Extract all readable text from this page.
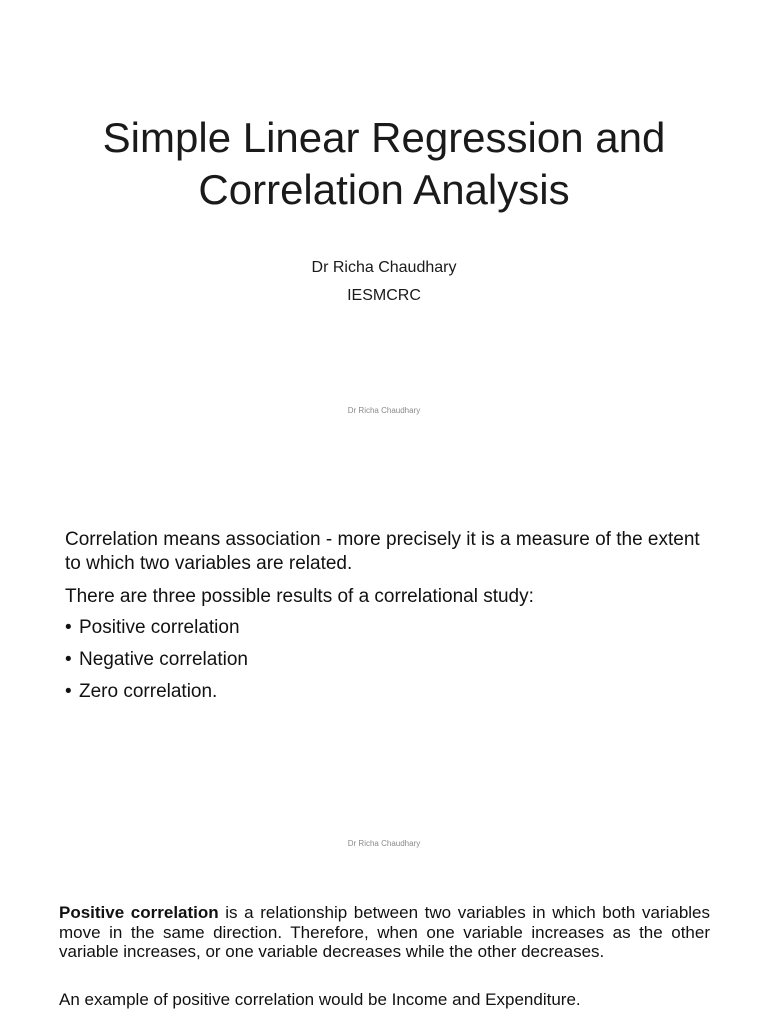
Simple Linear Regression and
Correlation Analysis
Dr Richa Chaudhary
IESMCRC
Dr Richa Chaudhary

Correlation means association - more precisely it is a measure of the extent to which two variables are related.

There are three possible results of a correlational study:

• Positive correlation
• Negative correlation
• Zero correlation.
Dr Richa Chaudhary

Positive correlation is a relationship between two variables in which both variables move in the same direction. Therefore, when one variable increases as the other variable increases, or one variable decreases while the other decreases.

An example of positive correlation would be Income and Expenditure.
